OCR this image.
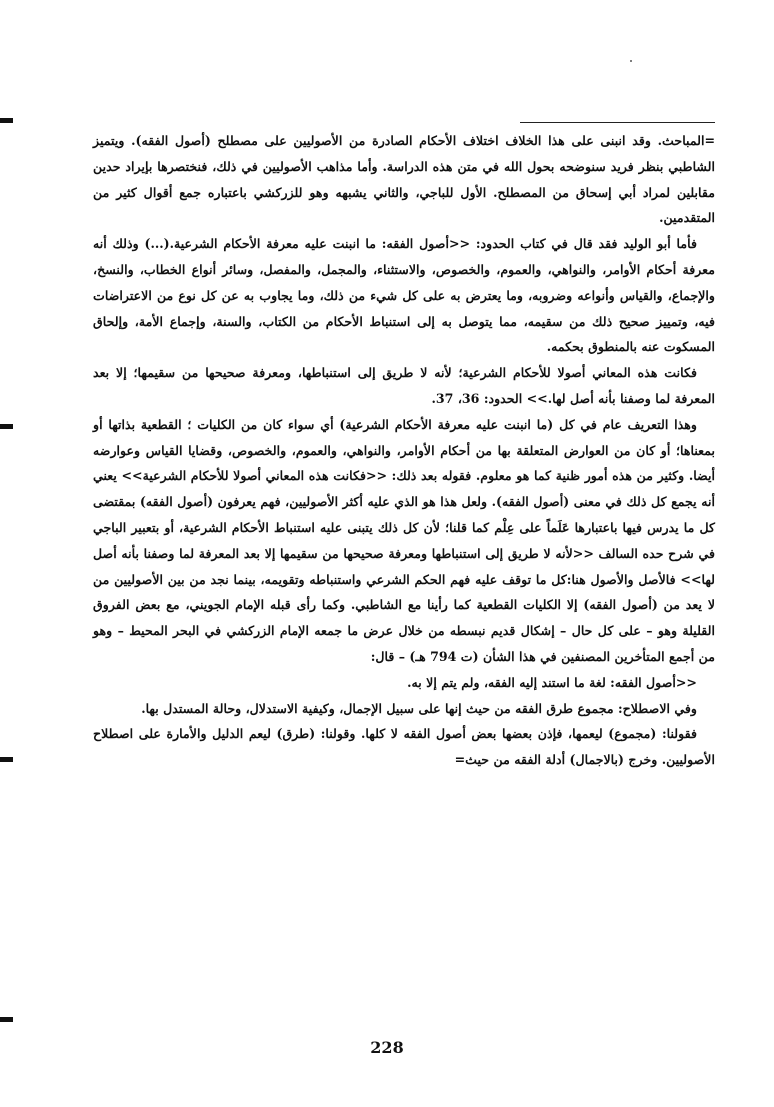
=المباحث. وقد انبنى على هذا الخلاف اختلاف الأحكام الصادرة من الأصوليين على مصطلح (أصول الفقه). ويتميز الشاطبي بنظر فريد سنوضحه بحول الله في متن هذه الدراسة. وأما مذاهب الأصوليين في ذلك، فنختصرها بإيراد حدين مقابلين لمراد أبي إسحاق من المصطلح. الأول للباجي، والثاني يشبهه وهو للزركشي باعتباره جمع أقوال كثير من المتقدمين.

فأما أبو الوليد فقد قال في كتاب الحدود: <<أصول الفقه: ما انبنت عليه معرفة الأحكام الشرعية.(...) وذلك أنه معرفة أحكام الأوامر، والنواهي، والعموم، والخصوص، والاستثناء، والمجمل، والمفصل، وسائر أنواع الخطاب، والنسخ، والإجماع، والقياس وأنواعه وضروبه، وما يعترض به على كل شيء من ذلك، وما يجاوب به عن كل نوع من الاعتراضات فيه، وتمييز صحيح ذلك من سقيمه، مما يتوصل به إلى استنباط الأحكام من الكتاب، والسنة، وإجماع الأمة، وإلحاق المسكوت عنه بالمنطوق بحكمه.

فكانت هذه المعاني أصولا للأحكام الشرعية؛ لأنه لا طريق إلى استنباطها، ومعرفة صحيحها من سقيمها؛ إلا بعد المعرفة لما وصفنا بأنه أصل لها.>> الحدود: 36، 37.

وهذا التعريف عام في كل (ما انبنت عليه معرفة الأحكام الشرعية) أي سواء كان من الكليات ؛ القطعية بذاتها أو بمعناها؛ أو كان من العوارض المتعلقة بها من أحكام الأوامر، والنواهي، والعموم، والخصوص، وقضايا القياس وعوارضه أيضا. وكثير من هذه أمور ظنية كما هو معلوم. فقوله بعد ذلك: <<فكانت هذه المعاني أصولا للأحكام الشرعية>> يعني أنه يجمع كل ذلك في معنى (أصول الفقه). ولعل هذا هو الذي عليه أكثر الأصوليين، فهم يعرفون (أصول الفقه) بمقتضى كل ما يدرس فيها باعتبارها عَلَماً على عِلْم كما قلنا؛ لأن كل ذلك يتبنى عليه استنباط الأحكام الشرعية، أو بتعبير الباجي في شرح حده السالف <<لأنه لا طريق إلى استنباطها ومعرفة صحيحها من سقيمها إلا بعد المعرفة لما وصفنا بأنه أصل لها>> فالأصل والأصول هنا:كل ما توقف عليه فهم الحكم الشرعي واستنباطه وتقويمه، بينما نجد من بين الأصوليين من لا يعد من (أصول الفقه) إلا الكليات القطعية كما رأينا مع الشاطبي. وكما رأى قبله الإمام الجويني، مع بعض الفروق القليلة وهو – على كل حال – إشكال قديم نبسطه من خلال عرض ما جمعه الإمام الزركشي في البحر المحيط – وهو من أجمع المتأخرين المصنفين في هذا الشأن (ت 794 هـ) – قال:

<<أصول الفقه: لغة ما استند إليه الفقه، ولم يتم إلا به.

وفي الاصطلاح: مجموع طرق الفقه من حيث إنها على سبيل الإجمال، وكيفية الاستدلال، وحالة المستدل بها.

فقولنا: (مجموع) ليعمها، فإذن بعضها بعض أصول الفقه لا كلها. وقولنا: (طرق) ليعم الدليل والأمارة على اصطلاح الأصوليين. وخرج (بالاجمال) أدلة الفقه من حيث=

228
